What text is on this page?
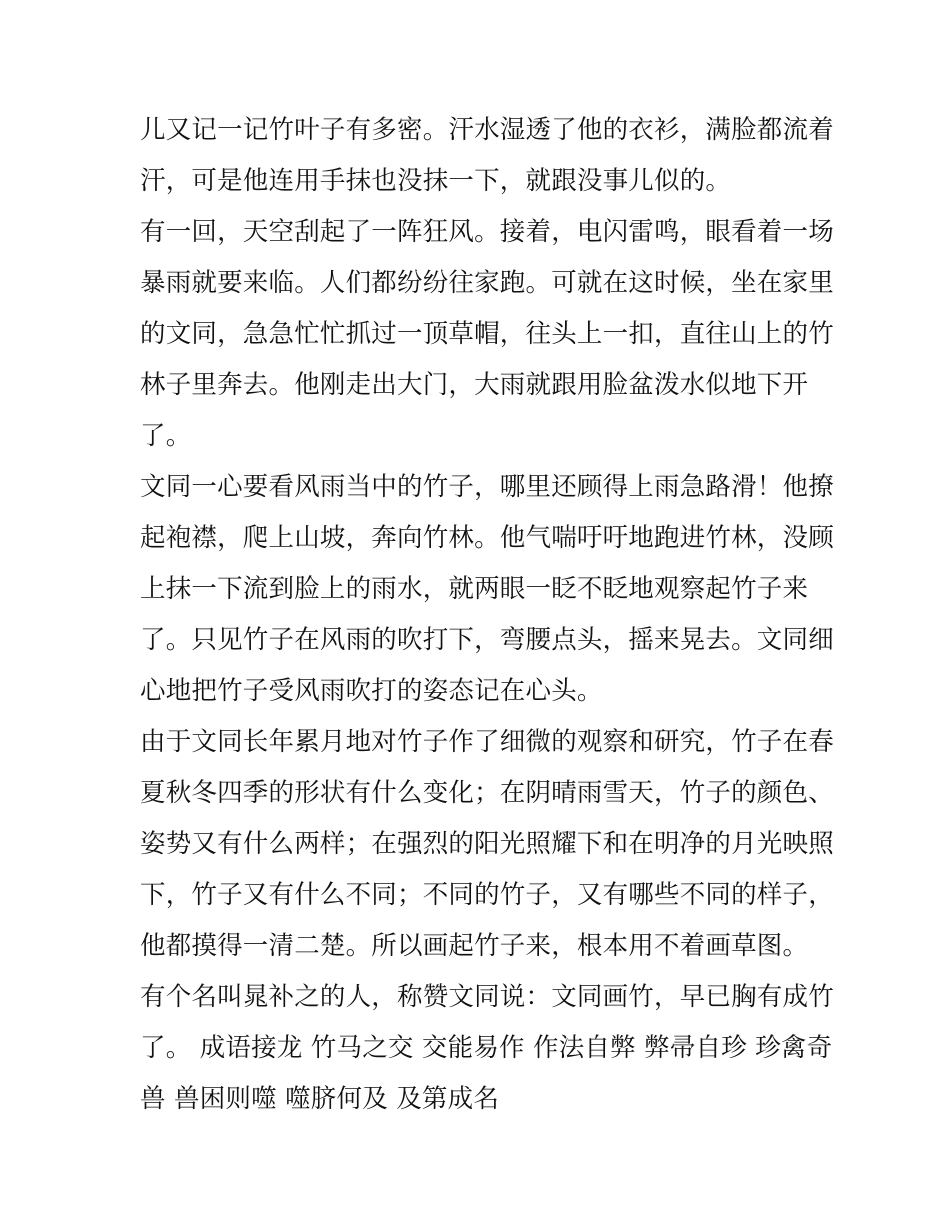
儿又记一记竹叶子有多密。汗水湿透了他的衣衫，满脸都流着
汗，可是他连用手抹也没抹一下，就跟没事儿似的。
有一回，天空刮起了一阵狂风。接着，电闪雷鸣，眼看着一场
暴雨就要来临。人们都纷纷往家跑。可就在这时候，坐在家里
的文同，急急忙忙抓过一顶草帽，往头上一扣，直往山上的竹
林子里奔去。他刚走出大门，大雨就跟用脸盆泼水似地下开
了。
文同一心要看风雨当中的竹子，哪里还顾得上雨急路滑！他撩
起袍襟，爬上山坡，奔向竹林。他气喘吁吁地跑进竹林，没顾
上抹一下流到脸上的雨水，就两眼一眨不眨地观察起竹子来
了。只见竹子在风雨的吹打下，弯腰点头，摇来晃去。文同细
心地把竹子受风雨吹打的姿态记在心头。
由于文同长年累月地对竹子作了细微的观察和研究，竹子在春
夏秋冬四季的形状有什么变化；在阴晴雨雪天，竹子的颜色、
姿势又有什么两样；在强烈的阳光照耀下和在明净的月光映照
下，竹子又有什么不同；不同的竹子，又有哪些不同的样子，
他都摸得一清二楚。所以画起竹子来，根本用不着画草图。
有个名叫晁补之的人，称赞文同说：文同画竹，早已胸有成竹
了。 成语接龙 竹马之交 交能易作 作法自弊 弊帚自珍 珍禽奇
兽 兽困则噬 噬脐何及 及第成名
